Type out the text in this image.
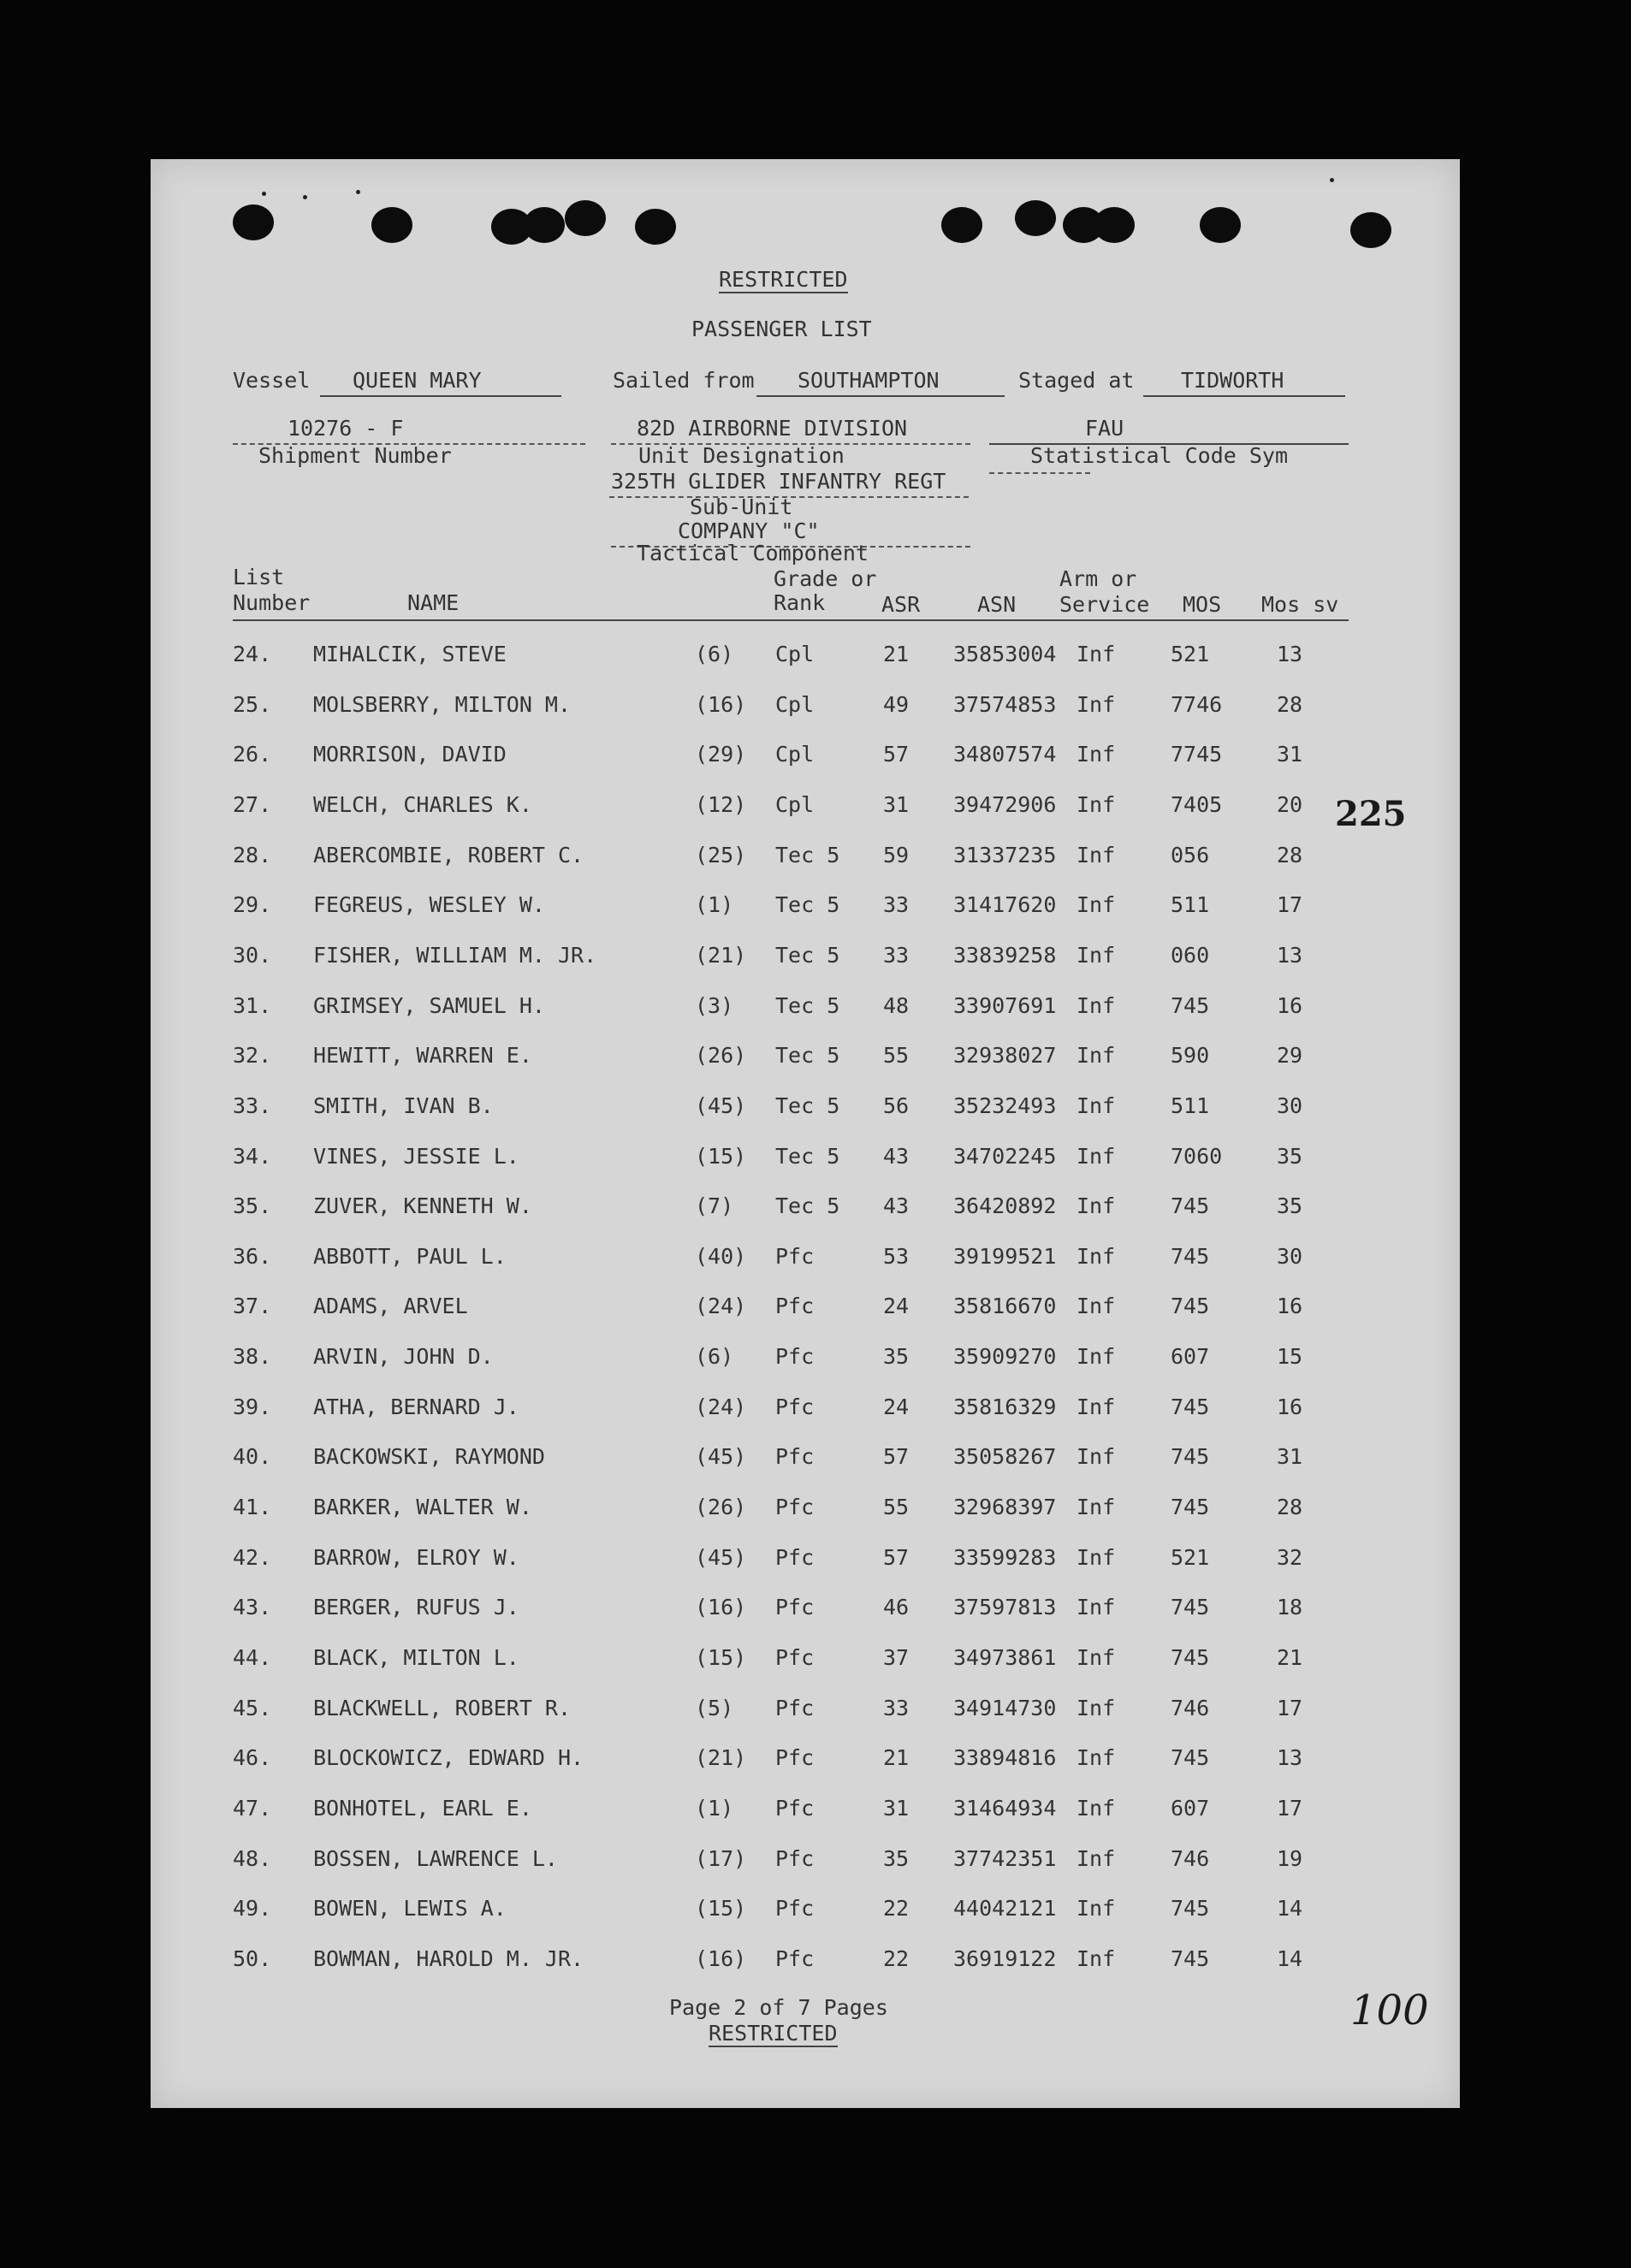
RESTRICTED
PASSENGER LIST
Vessel QUEEN MARY	Sailed from SOUTHAMPTON	Staged at TIDWORTH
10276 - F
Shipment Number
82D AIRBORNE DIVISION
Unit Designation
FAU
Statistical Code Sym
325TH GLIDER INFANTRY REGT
Sub-Unit
COMPANY "C"
Tactical Component
List
Number	NAME
Grade or
Rank	ASR	ASN
Arm or
Service MOS Mos sv
24. MIHALCIK, STEVE	(6) Cpl	21 35853004 Inf	521	13
25. MOLSBERRY, MILTON M.	(16) Cpl	49 37574853 Inf	7746	28
26. MORRISON, DAVID	(29) Cpl	57 34807574 Inf	7745	31
27. WELCH, CHARLES K.	(12) Cpl	31 39472906 Inf	7405	20
28. ABERCOMBIE, ROBERT C.	(25) Tec 5 59 31337235 Inf	056	28
29. FEGREUS, WESLEY W.	(1) Tec 5 33 31417620 Inf	511	17
30. FISHER, WILLIAM M. JR.	(21) Tec 5 33 33839258 Inf	060	13
31. GRIMSEY, SAMUEL H.	(3) Tec 5 48 33907691 Inf	745	16
32. HEWITT, WARREN E.	(26) Tec 5 55 32938027 Inf	590	29
33. SMITH, IVAN B.	(45) Tec 5 56 35232493 Inf	511	30
34. VINES, JESSIE L.	(15) Tec 5 43 34702245 Inf	7060	35
35. ZUVER, KENNETH W.	(7) Tec 5 43 36420892 Inf	745	35
36. ABBOTT, PAUL L.	(40) Pfc	53 39199521 Inf	745	30
37. ADAMS, ARVEL	(24) Pfc	24 35816670 Inf	745	16
38. ARVIN, JOHN D.	(6) Pfc	35 35909270 Inf	607	15
39. ATHA, BERNARD J.	(24) Pfc	24 35816329 Inf	745	16
40. BACKOWSKI, RAYMOND	(45) Pfc	57 35058267 Inf	745	31
41. BARKER, WALTER W.	(26) Pfc	55 32968397 Inf	745	28
42. BARROW, ELROY W.	(45) Pfc	57 33599283 Inf	521	32
43. BERGER, RUFUS J.	(16) Pfc	46 37597813 Inf	745	18
44. BLACK, MILTON L.	(15) Pfc	37 34973861 Inf	745	21
45. BLACKWELL, ROBERT R.	(5) Pfc	33 34914730 Inf	746	17
46. BLOCKOWICZ, EDWARD H.	(21) Pfc	21 33894816 Inf	745	13
47. BONHOTEL, EARL E.	(1) Pfc	31 31464934 Inf	607	17
48. BOSSEN, LAWRENCE L.	(17) Pfc	35 37742351 Inf	746	19
49. BOWEN, LEWIS A.	(15) Pfc	22 44042121 Inf	745	14
50. BOWMAN, HAROLD M. JR.	(16) Pfc	22 36919122 Inf	745	14
Page 2 of 7 Pages
RESTRICTED
225
100
